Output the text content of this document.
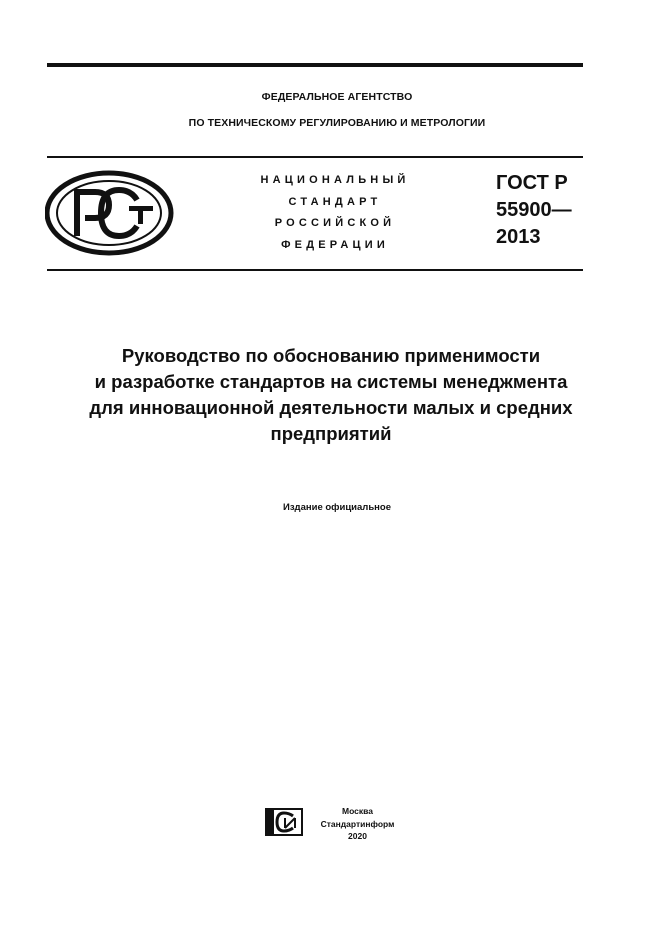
ФЕДЕРАЛЬНОЕ АГЕНТСТВО
ПО ТЕХНИЧЕСКОМУ РЕГУЛИРОВАНИЮ И МЕТРОЛОГИИ
НАЦИОНАЛЬНЫЙ
СТАНДАРТ
РОССИЙСКОЙ
ФЕДЕРАЦИИ
ГОСТ Р
55900—
2013
Руководство по обоснованию применимости
и разработке стандартов на системы менеджмента
для инновационной деятельности малых и средних
предприятий
Издание официальное
Москва
Стандартинформ
2020
